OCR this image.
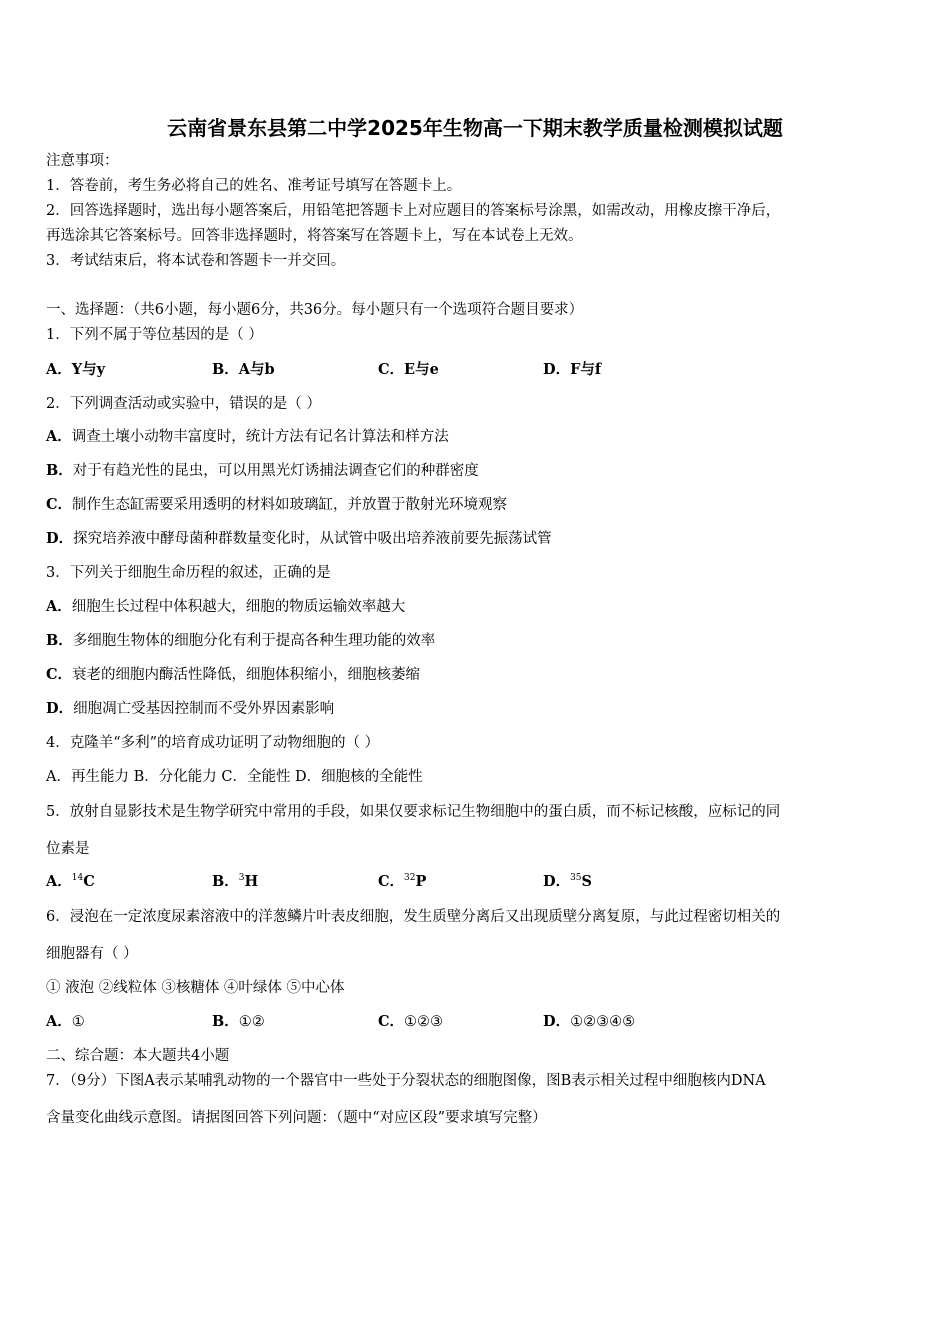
云南省景东县第二中学2025年生物高一下期末教学质量检测模拟试题
注意事项：
1．答卷前，考生务必将自己的姓名、准考证号填写在答题卡上。
2．回答选择题时，选出每小题答案后，用铅笔把答题卡上对应题目的答案标号涂黑，如需改动，用橡皮擦干净后，
再选涂其它答案标号。回答非选择题时，将答案写在答题卡上，写在本试卷上无效。
3．考试结束后，将本试卷和答题卡一并交回。
一、选择题：（共6小题，每小题6分，共36分。每小题只有一个选项符合题目要求）
1．下列不属于等位基因的是（ ）
A．Y与y	B．A与b	C．E与e	D．F与f
2．下列调查活动或实验中，错误的是（ ）
A．调查土壤小动物丰富度时，统计方法有记名计算法和样方法
B．对于有趋光性的昆虫，可以用黑光灯诱捕法调查它们的种群密度
C．制作生态缸需要采用透明的材料如玻璃缸，并放置于散射光环境观察
D．探究培养液中酵母菌种群数量变化时，从试管中吸出培养液前要先振荡试管
3．下列关于细胞生命历程的叙述，正确的是
A．细胞生长过程中体积越大，细胞的物质运输效率越大
B．多细胞生物体的细胞分化有利于提高各种生理功能的效率
C．衰老的细胞内酶活性降低，细胞体积缩小，细胞核萎缩
D．细胞凋亡受基因控制而不受外界因素影响
4．克隆羊“多利”的培育成功证明了动物细胞的（ ）
A．再生能力 B．分化能力 C．全能性 D．细胞核的全能性
5．放射自显影技术是生物学研究中常用的手段，如果仅要求标记生物细胞中的蛋白质，而不标记核酸，应标记的同
位素是
A．$^{14}$C	B．$^3$H	C．$^{32}$P	D．$^{35}$S
6．浸泡在一定浓度尿素溶液中的洋葱鳞片叶表皮细胞，发生质壁分离后又出现质壁分离复原，与此过程密切相关的
细胞器有（ ）
① 液泡 ②线粒体 ③核糖体 ④叶绿体 ⑤中心体
A．①	B．①②	C．①②③	D．①②③④⑤
二、综合题：本大题共4小题
7．（9分）下图A表示某哺乳动物的一个器官中一些处于分裂状态的细胞图像，图B表示相关过程中细胞核内DNA
含量变化曲线示意图。请据图回答下列问题：（题中“对应区段”要求填写完整）
